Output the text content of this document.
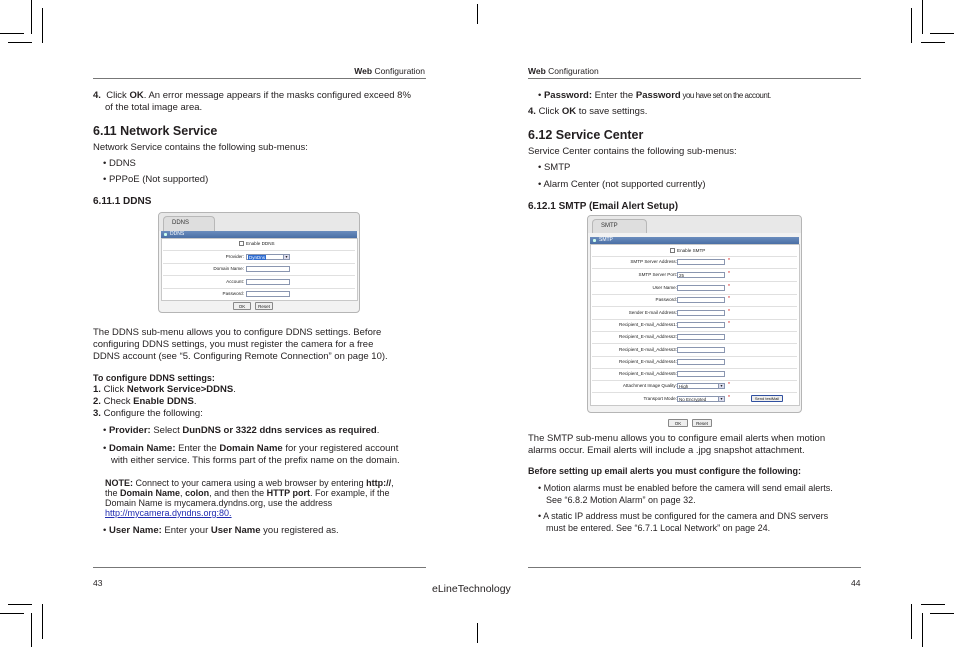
Web Configuration
4. Click OK. An error message appears if the masks configured exceed 8%
of the total image area.
6.11 Network Service
Network Service contains the following sub-menus:
• DDNS
• PPPoE (Not supported)
6.11.1 DDNS
DDNS
DDNS
Enable DDNS
Provider:	DynDns	▼
Domain Name:
Account:
Password:
OK	Reset
The DDNS sub-menu allows you to configure DDNS settings. Before
configuring DDNS settings, you must register the camera for a free
DDNS account (see “5. Configuring Remote Connection” on page 10).
To configure DDNS settings:
1. Click Network Service>DDNS.
2. Check Enable DDNS.
3. Configure the following:
• Provider: Select DunDNS or 3322 ddns services as required.
• Domain Name: Enter the Domain Name for your registered account
with either service. This forms part of the prefix name on the domain.
NOTE: Connect to your camera using a web browser by entering http://,
the Domain Name, colon, and then the HTTP port. For example, if the
Domain Name is mycamera.dyndns.org, use the address
http://mycamera.dyndns.org:80.
• User Name: Enter your User Name you registered as.
43
Web Configuration
• Password: Enter the Password you have set on the account.
4. Click OK to save settings.
6.12 Service Center
Service Center contains the following sub-menus:
• SMTP
• Alarm Center (not supported currently)
6.12.1 SMTP (Email Alert Setup)
SMTP
SMTP
Enable SMTP
SMTP Server Address:	*
SMTP Server Port: 25	*
User Name:	*
Password:	*
Sender E-mail Address:	*
Recipient_E-mail_Address1:	*
Recipient_E-mail_Address2:
Recipient_E-mail_Address3:
Recipient_E-mail_Address4:
Recipient_E-mail_Address5:
Attachment Image Quality: High	▼ *
Transport Mode: No Encrypted	▼ *	Send testMail
OK	Reset
The SMTP sub-menu allows you to configure email alerts when motion
alarms occur. Email alerts will include a .jpg snapshot attachment.
Before setting up email alerts you must configure the following:
• Motion alarms must be enabled before the camera will send email alerts.
See “6.8.2 Motion Alarm” on page 32.
• A static IP address must be configured for the camera and DNS servers
must be entered. See “6.7.1 Local Network” on page 24.
44
eLineTechnology
